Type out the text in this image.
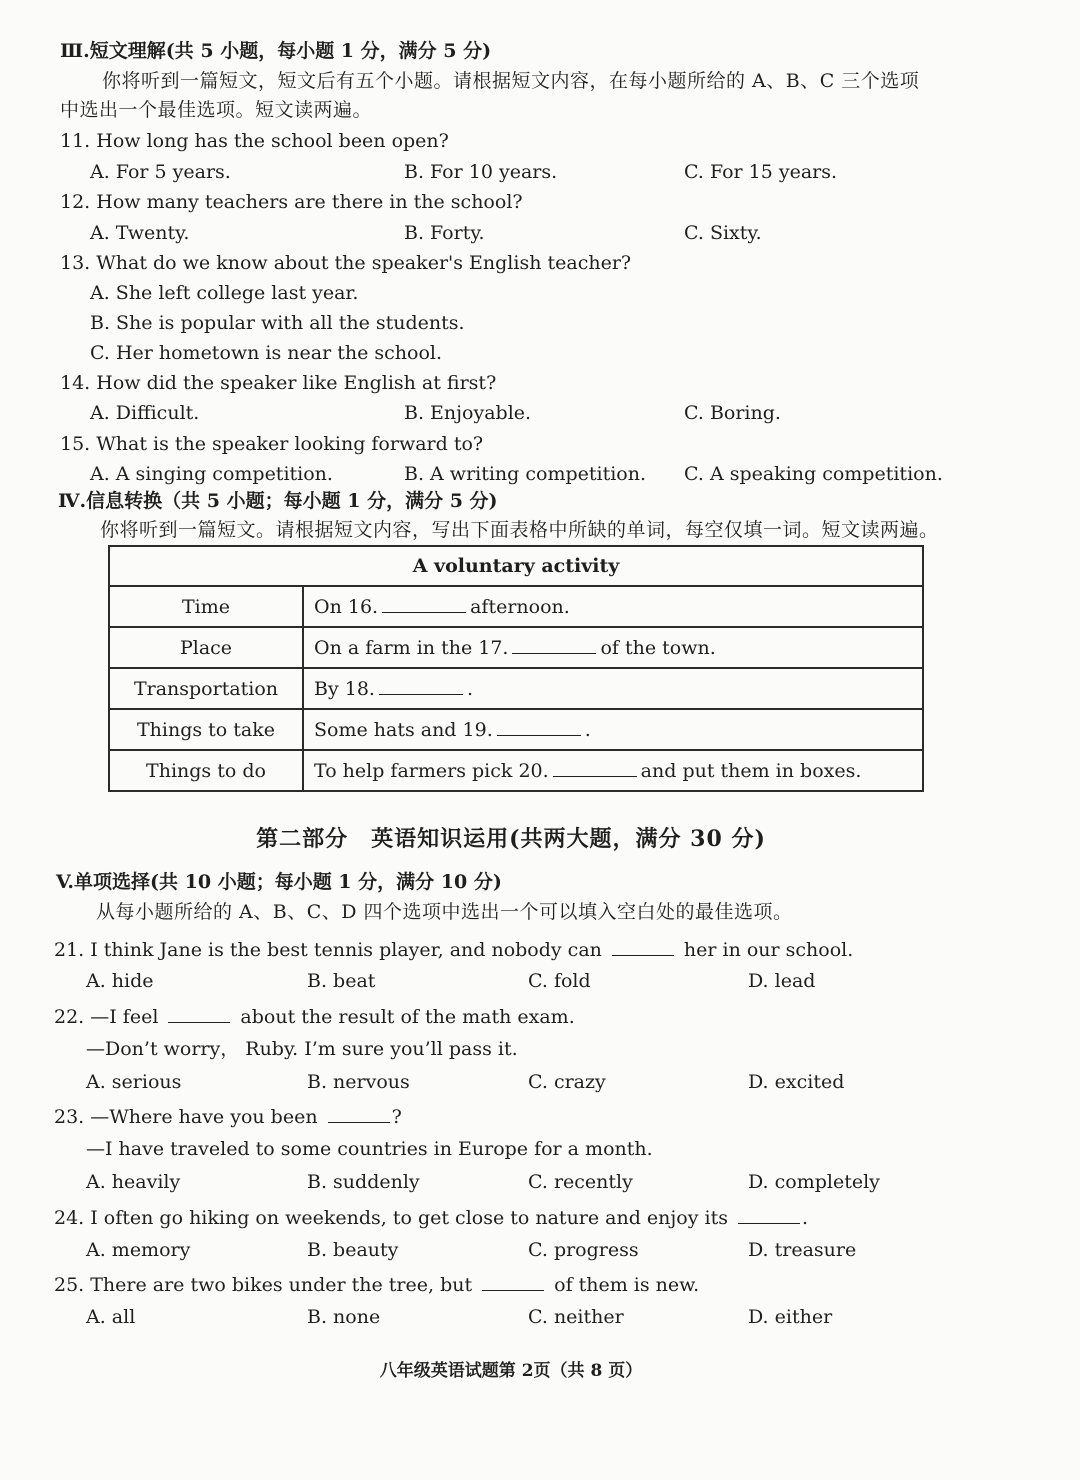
Ⅲ.短文理解(共 5 小题，每小题 1 分，满分 5 分)
你将听到一篇短文，短文后有五个小题。请根据短文内容，在每小题所给的 A、B、C 三个选项
中选出一个最佳选项。短文读两遍。
11. How long has the school been open?
A. For 5 years.	B. For 10 years.	C. For 15 years.
12. How many teachers are there in the school?
A. Twenty.	B. Forty.	C. Sixty.
13. What do we know about the speaker's English teacher?
A. She left college last year.
B. She is popular with all the students.
C. Her hometown is near the school.
14. How did the speaker like English at first?
A. Difficult.	B. Enjoyable.	C. Boring.
15. What is the speaker looking forward to?
A. A singing competition.	B. A writing competition. C. A speaking competition.
Ⅳ.信息转换（共 5 小题；每小题 1 分，满分 5 分)
你将听到一篇短文。请根据短文内容，写出下面表格中所缺的单词，每空仅填一词。短文读两遍。
A voluntary activity	
Time	On 16. afternoon.
Place	On a farm in the 17. of the town.
Transportation	By 18. .
Things to take	Some hats and 19. .
Things to do	To help farmers pick 20. and put them in boxes.
第二部分　英语知识运用(共两大题，满分 30 分)
V.单项选择(共 10 小题；每小题 1 分，满分 10 分)
从每小题所给的 A、B、C、D 四个选项中选出一个可以填入空白处的最佳选项。
21. I think Jane is the best tennis player, and nobody can	her in our school.
A. hide	B. beat	C. fold	D. lead
22. —I feel	about the result of the math exam.
—Don’t worry， Ruby. I’m sure you’ll pass it.
A. serious	B. nervous	C. crazy	D. excited
23. —Where have you been	?
—I have traveled to some countries in Europe for a month.
A. heavily	B. suddenly	C. recently	D. completely
24. I often go hiking on weekends, to get close to nature and enjoy its	.
A. memory	B. beauty	C. progress	D. treasure
25. There are two bikes under the tree, but	of them is new.
A. all	B. none	C. neither	D. either
八年级英语试题第 2页（共 8 页）
